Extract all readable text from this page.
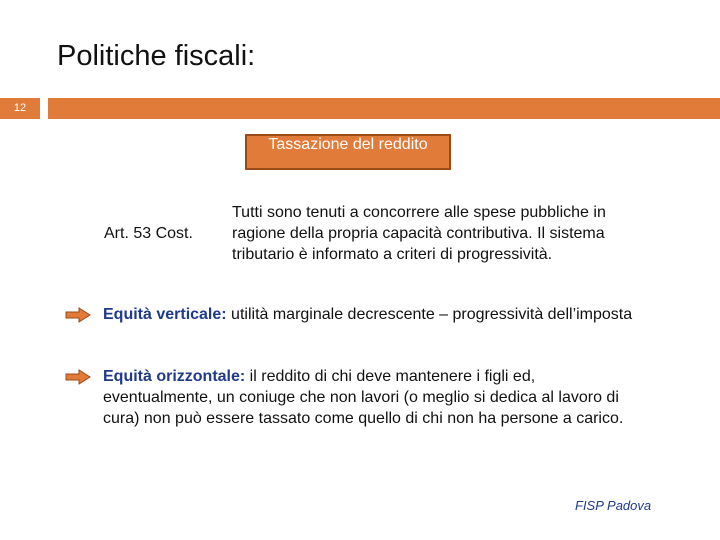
Politiche fiscali:
12
Tassazione del reddito
Art. 53 Cost.
Tutti sono tenuti a concorrere alle spese pubbliche in ragione della propria capacità contributiva. Il sistema tributario è informato a criteri di progressività.
Equità verticale: utilità marginale decrescente – progressività dell’imposta
Equità orizzontale: il reddito di chi deve mantenere i figli ed, eventualmente, un coniuge che non lavori (o meglio si dedica al lavoro di cura) non può essere tassato come quello di chi non ha persone a carico.
FISP Padova
